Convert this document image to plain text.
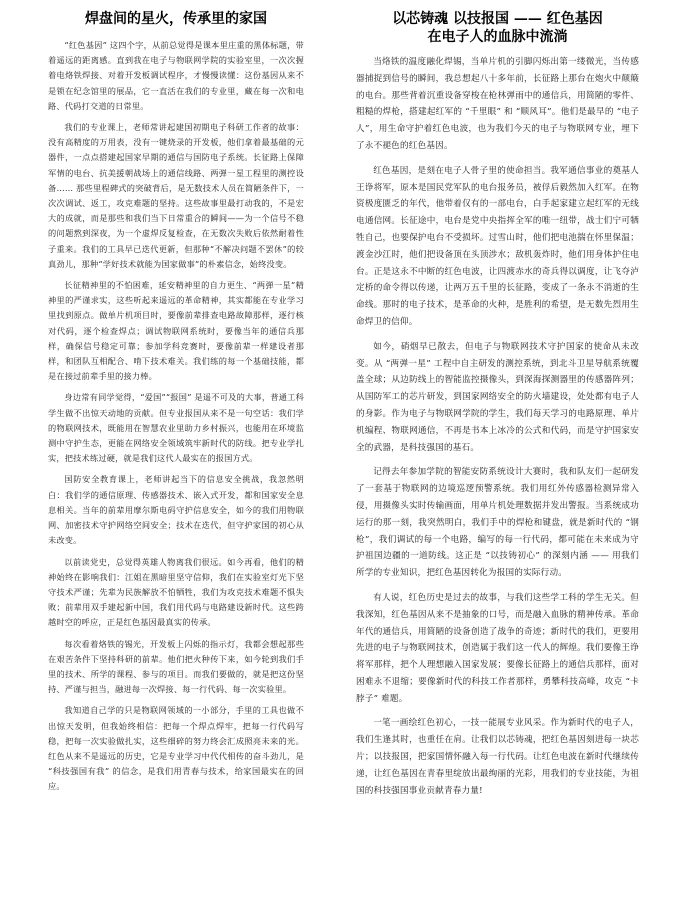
焊盘间的星火，传承里的家国

“红色基因” 这四个字，从前总觉得是课本里庄重的黑体标题，带着遥远的距离感。直到我在电子与物联网学院的实验室里，一次次握着电烙铁焊接、对着开发板调试程序，才慢慢读懂：这份基因从来不是锁在纪念馆里的展品，它一直活在我们的专业里，藏在每一次和电路、代码打交道的日常里。

我们的专业课上，老师常讲起建国初期电子科研工作者的故事：没有高精度的万用表，没有一键烧录的开发板，他们拿着最基础的元器件，一点点搭建起国家早期的通信与国防电子系统。长征路上保障军情的电台、抗美援朝战场上的通信线路、两弹一星工程里的测控设备…… 那些里程碑式的突破背后，是无数技术人员在简陋条件下，一次次调试、返工，攻克难题的坚持。这些故事里最打动我的，不是宏大的成就，而是那些和我们当下日常重合的瞬间——为一个信号不稳的问题熬到深夜，为一个虚焊反复检查，在无数次失败后依然耐着性子重来。我们的工具早已迭代更新，但那种“不解决问题不罢休”的较真劲儿，那种“学好技术就能为国家做事”的朴素信念，始终没变。

长征精神里的不怕困难，延安精神里的自力更生、“两弹一星”精神里的严谨求实，这些听起来遥远的革命精神，其实都能在专业学习里找到原点。做单片机项目时，要像前辈排查电路故障那样，逐行核对代码，逐个检查焊点；调试物联网系统时，要像当年的通信兵那样，确保信号稳定可靠；参加学科竞赛时，要像前辈一样建设者那样，和团队互相配合、啃下技术难关。我们练的每一个基础技能，都是在接过前辈手里的接力棒。

身边常有同学觉得，“爱国”“报国” 是遥不可及的大事，普通工科学生做不出惊天动地的贡献。但专业报国从来不是一句空话：我们学的物联网技术，既能用在智慧农业里助力乡村振兴，也能用在环境监测中守护生态，更能在网络安全领域筑牢新时代的防线。把专业学扎实，把技术练过硬，就是我们这代人最实在的报国方式。

国防安全教育课上，老师讲起当下的信息安全挑战，我忽然明白：我们学的通信原理、传感器技术、嵌入式开发，都和国家安全息息相关。当年的前辈用摩尔斯电码守护信息安全，如今的我们用物联网、加密技术守护网络空间安全；技术在迭代，但守护家国的初心从未改变。

以前读党史，总觉得英雄人物离我们很远。如今再看，他们的精神始终在影响我们：江姐在黑暗里坚守信仰，我们在实验室灯光下坚守技术严谨；先辈为民族解放不怕牺牲，我们为攻克技术难题不惧失败；前辈用双手建起新中国，我们用代码与电路建设新时代。这些跨越时空的呼应，正是红色基因最真实的传承。

每次看着烙铁的锡光，开发板上闪烁的指示灯，我都会想起那些在艰苦条件下坚持科研的前辈。他们把火种传下来，如今轮到我们手里的技术、所学的课程、参与的项目。而我们要做的，就是把这份坚持、严谨与担当，融进每一次焊接、每一行代码、每一次实验里。

我知道自己学的只是物联网领域的一小部分，手里的工具也做不出惊天发明，但我始终相信：把每一个焊点焊牢，把每一行代码写稳，把每一次实验做扎实，这些细碎的努力终会汇成照亮未来的光。红色从来不是遥远的历史，它是专业学习中代代相传的奋斗劲儿，是 “科技强国有我” 的信念，是我们用青春与技术，给家国最实在的回应。

以芯铸魂 以技报国 —— 红色基因
在电子人的血脉中流淌

当烙铁的温度融化焊锡，当单片机的引脚闪烁出第一缕微光，当传感器捕捉到信号的瞬间，我总想起八十多年前，长征路上那台在炮火中颠簸的电台。那些背着沉重设备穿梭在枪林弹雨中的通信兵，用简陋的零件、粗糙的焊枪，搭建起红军的 “千里眼” 和 “顺风耳”。他们是最早的 “电子人”，用生命守护着红色电波，也为我们今天的电子与物联网专业，埋下了永不褪色的红色基因。

红色基因，是刻在电子人骨子里的使命担当。我军通信事业的奠基人王诤将军，原本是国民党军队的电台报务员，被俘后毅然加入红军。在物资极度匮乏的年代，他带着仅有的一部电台，白手起家建立起红军的无线电通信网。长征途中，电台是党中央指挥全军的唯一纽带，战士们宁可牺牲自己，也要保护电台不受损坏。过雪山时，他们把电池揣在怀里保温；渡金沙江时，他们把设备顶在头顶涉水；敌机轰炸时，他们用身体护住电台。正是这永不中断的红色电波，让四渡赤水的奇兵得以调度，让飞夺泸定桥的命令得以传递，让两万五千里的长征路，变成了一条永不消逝的生命线。那时的电子技术，是革命的火种，是胜利的希望，是无数先烈用生命焊卫的信仰。

如今，硝烟早已散去，但电子与物联网技术守护国家的使命从未改变。从 “两弹一星” 工程中自主研发的测控系统，到北斗卫星导航系统覆盖全球；从边防线上的智能监控摄像头，到深海探测器里的传感器阵列；从国防军工的芯片研发，到国家网络安全的防火墙建设，处处都有电子人的身影。作为电子与物联网学院的学生，我们每天学习的电路原理、单片机编程、物联网通信，不再是书本上冰冷的公式和代码，而是守护国家安全的武器，是科技强国的基石。

记得去年参加学院的智能安防系统设计大赛时，我和队友们一起研发了一套基于物联网的边境巡逻预警系统。我们用红外传感器检测异常入侵，用摄像头实时传输画面，用单片机处理数据并发出警报。当系统成功运行的那一刻，我突然明白，我们手中的焊枪和键盘，就是新时代的 “钢枪”，我们调试的每一个电路，编写的每一行代码，都可能在未来成为守护祖国边疆的一道防线。这正是 “以技铸初心” 的深刻内涵 —— 用我们所学的专业知识，把红色基因转化为报国的实际行动。

有人说，红色历史是过去的故事，与我们这些学工科的学生无关。但我深知，红色基因从来不是抽象的口号，而是融入血脉的精神传承。革命年代的通信兵，用简陋的设备创造了战争的奇迹；新时代的我们，更要用先进的电子与物联网技术，创造属于我们这一代人的辉煌。我们要像王诤将军那样，把个人理想融入国家发展；要像长征路上的通信兵那样，面对困难永不退缩；要像新时代的科技工作者那样，勇攀科技高峰，攻克 “卡脖子” 难题。

一笔一画绘红色初心，一技一能展专业风采。作为新时代的电子人，我们生逢其时，也重任在肩。让我们以芯铸魂，把红色基因刻进每一块芯片；以技报国，把家国情怀融入每一行代码。让红色电波在新时代继续传递，让红色基因在青春里绽放出最绚丽的光彩，用我们的专业技能，为祖国的科技强国事业贡献青春力量!
